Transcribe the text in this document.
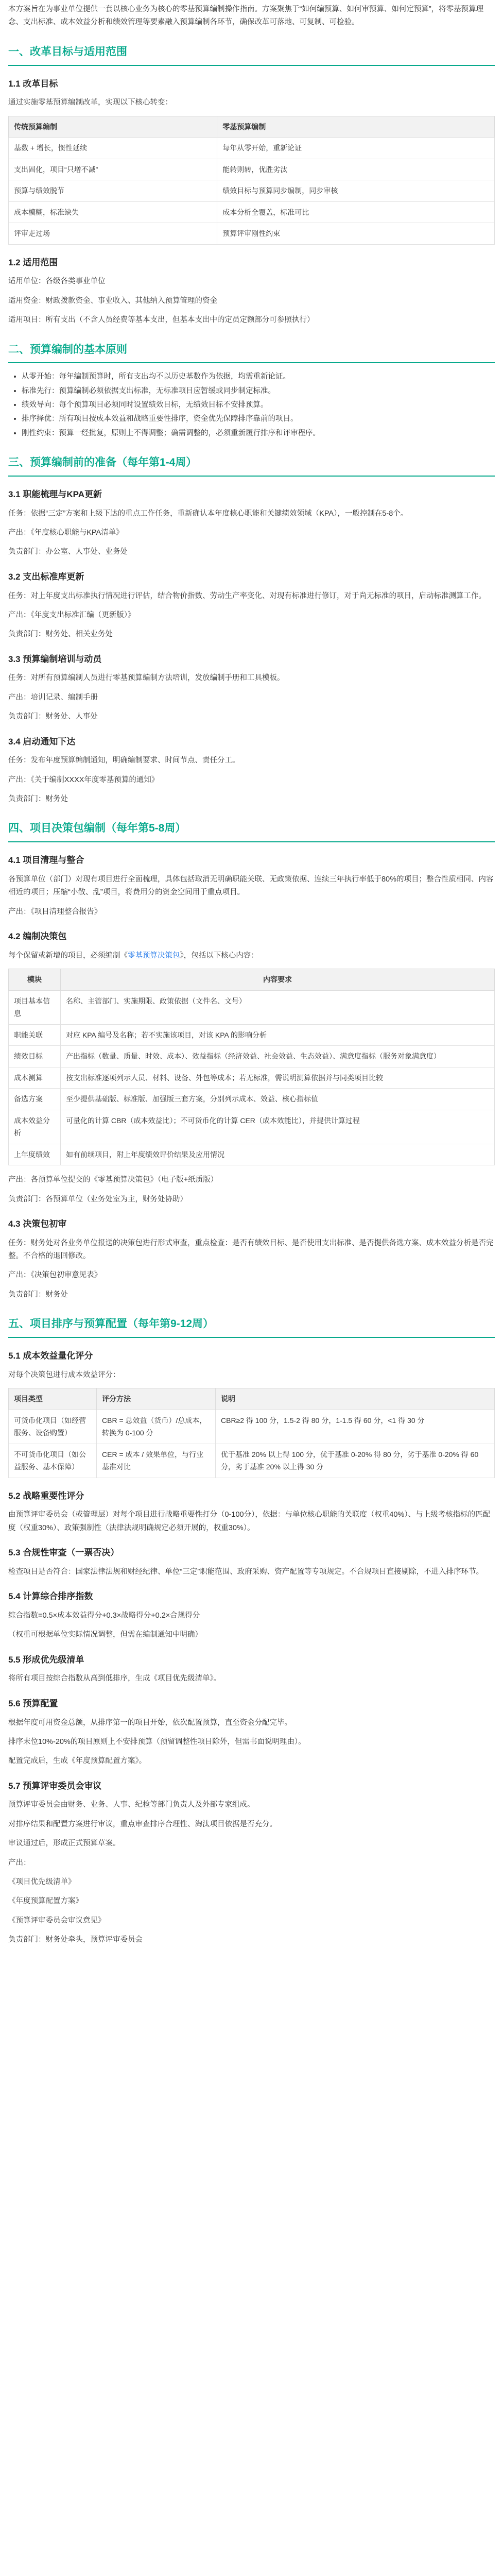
本方案旨在为事业单位提供一套以核心业务为核心的零基预算编制操作指南。方案聚焦于“如何编预算、如何审预算、如何定预算”，将零基预算理念、支出标准、成本效益分析和绩效管理等要素融入预算编制各环节，确保改革可落地、可复制、可检验。

一、改革目标与适用范围
1.1 改革目标

通过实施零基预算编制改革，实现以下核心转变：

传统预算编制	零基预算编制
基数 + 增长，惯性延续	每年从零开始，重新论证
支出固化，项目“只增不减”	能转则转，优胜劣汰
预算与绩效脱节	绩效目标与预算同步编制，同步审核
成本模糊，标准缺失	成本分析全覆盖，标准可比
评审走过场	预算评审刚性约束
1.2 适用范围

适用单位：各级各类事业单位

适用资金：财政拨款资金、事业收入、其他纳入预算管理的资金

适用项目：所有支出（不含人员经费等基本支出，但基本支出中的定员定额部分可参照执行）

二、预算编制的基本原则
• 从零开始：每年编制预算时，所有支出均不以历史基数作为依据，均需重新论证。
• 标准先行：预算编制必须依据支出标准，无标准项目应暂缓或同步制定标准。
• 绩效导向：每个预算项目必须同时设置绩效目标，无绩效目标不安排预算。
• 排序择优：所有项目按成本效益和战略重要性排序，资金优先保障排序靠前的项目。
• 刚性约束：预算一经批复，原则上不得调整；确需调整的，必须重新履行排序和评审程序。
三、预算编制前的准备（每年第1-4周）
3.1 职能梳理与KPA更新

任务：依据“三定”方案和上级下达的重点工作任务，重新确认本年度核心职能和关键绩效领域（KPA），一般控制在5-8个。

产出：《年度核心职能与KPA清单》

负责部门：办公室、人事处、业务处

3.2 支出标准库更新

任务：对上年度支出标准执行情况进行评估，结合物价指数、劳动生产率变化、对现有标准进行修订，对于尚无标准的项目，启动标准测算工作。

产出：《年度支出标准汇编（更新版）》

负责部门：财务处、相关业务处

3.3 预算编制培训与动员

任务：对所有预算编制人员进行零基预算编制方法培训，发放编制手册和工具模板。

产出：培训记录、编制手册

负责部门：财务处、人事处

3.4 启动通知下达

任务：发布年度预算编制通知，明确编制要求、时间节点、责任分工。

产出：《关于编制XXXX年度零基预算的通知》

负责部门：财务处

四、项目决策包编制（每年第5-8周）
4.1 项目清理与整合

各预算单位（部门）对现有项目进行全面梳理，具体包括取消无明确职能关联、无政策依据、连续三年执行率低于80%的项目；整合性质相同、内容相近的项目；压缩“小散、乱”项目，将费用分的资金空间用于重点项目。

产出：《项目清理整合报告》

4.2 编制决策包

每个保留或新增的项目，必须编制《零基预算决策包》，包括以下核心内容：

模块	内容要求
项目基本信息	名称、主管部门、实施期限、政策依据（文件名、文号）
职能关联	对应 KPA 编号及名称；若不实施该项目，对该 KPA 的影响分析
绩效目标	产出指标（数量、质量、时效、成本）、效益指标（经济效益、社会效益、生态效益）、满意度指标（服务对象满意度）
成本测算	按支出标准逐项列示人员、材料、设备、外包等成本；若无标准，需说明测算依据并与同类项目比较
备选方案	至少提供基础版、标准版、加强版三套方案，分别列示成本、效益、核心指标值
成本效益分析	可量化的计算 CBR（成本效益比）；不可货币化的计算 CER（成本效能比），并提供计算过程
上年度绩效	如有前续项目，附上年度绩效评价结果及应用情况

产出：各预算单位提交的《零基预算决策包》（电子版+纸质版）

负责部门：各预算单位（业务处室为主，财务处协助）

4.3 决策包初审

任务：财务处对各业务单位报送的决策包进行形式审查，重点检查：是否有绩效目标、是否使用支出标准、是否提供备选方案、成本效益分析是否完整。不合格的退回修改。

产出：《决策包初审意见表》

负责部门：财务处

五、项目排序与预算配置（每年第9-12周）
5.1 成本效益量化评分

对每个决策包进行成本效益评分：

项目类型	评分方法	说明
可货币化项目（如经营服务、设备购置）	CBR = 总效益（货币）/总成本，转换为 0-100 分	CBR≥2 得 100 分，1.5-2 得 80 分，1-1.5 得 60 分，<1 得 30 分
不可货币化项目（如公益服务、基本保障）	CER = 成本 / 效果单位，与行业基准对比	优于基准 20% 以上得 100 分，优于基准 0-20% 得 80 分，劣于基准 0-20% 得 60 分，劣于基准 20% 以上得 30 分
5.2 战略重要性评分

由预算评审委员会（或管理层）对每个项目进行战略重要性打分（0-100分），依据：与单位核心职能的关联度（权重40%）、与上级考核指标的匹配度（权重30%）、政策强制性（法律法规明确规定必须开展的，权重30%）。

5.3 合规性审查（一票否决）

检查项目是否符合：国家法律法规和财经纪律、单位“三定”职能范围、政府采购、资产配置等专项规定。不合规项目直接剔除，不进入排序环节。

5.4 计算综合排序指数

综合指数=0.5×成本效益得分+0.3×战略得分+0.2×合规得分

（权重可根据单位实际情况调整，但需在编制通知中明确）

5.5 形成优先级清单

将所有项目按综合指数从高到低排序，生成《项目优先级清单》。

5.6 预算配置

根据年度可用资金总额，从排序第一的项目开始，依次配置预算，直至资金分配完毕。

排序末位10%-20%的项目原则上不安排预算（预留调整性项目除外，但需书面说明理由）。

配置完成后，生成《年度预算配置方案》。

5.7 预算评审委员会审议

预算评审委员会由财务、业务、人事、纪检等部门负责人及外部专家组成。

对排序结果和配置方案进行审议，重点审查排序合理性、淘汰项目依据是否充分。

审议通过后，形成正式预算草案。

产出：

《项目优先级清单》

《年度预算配置方案》

《预算评审委员会审议意见》

负责部门：财务处牵头，预算评审委员会
